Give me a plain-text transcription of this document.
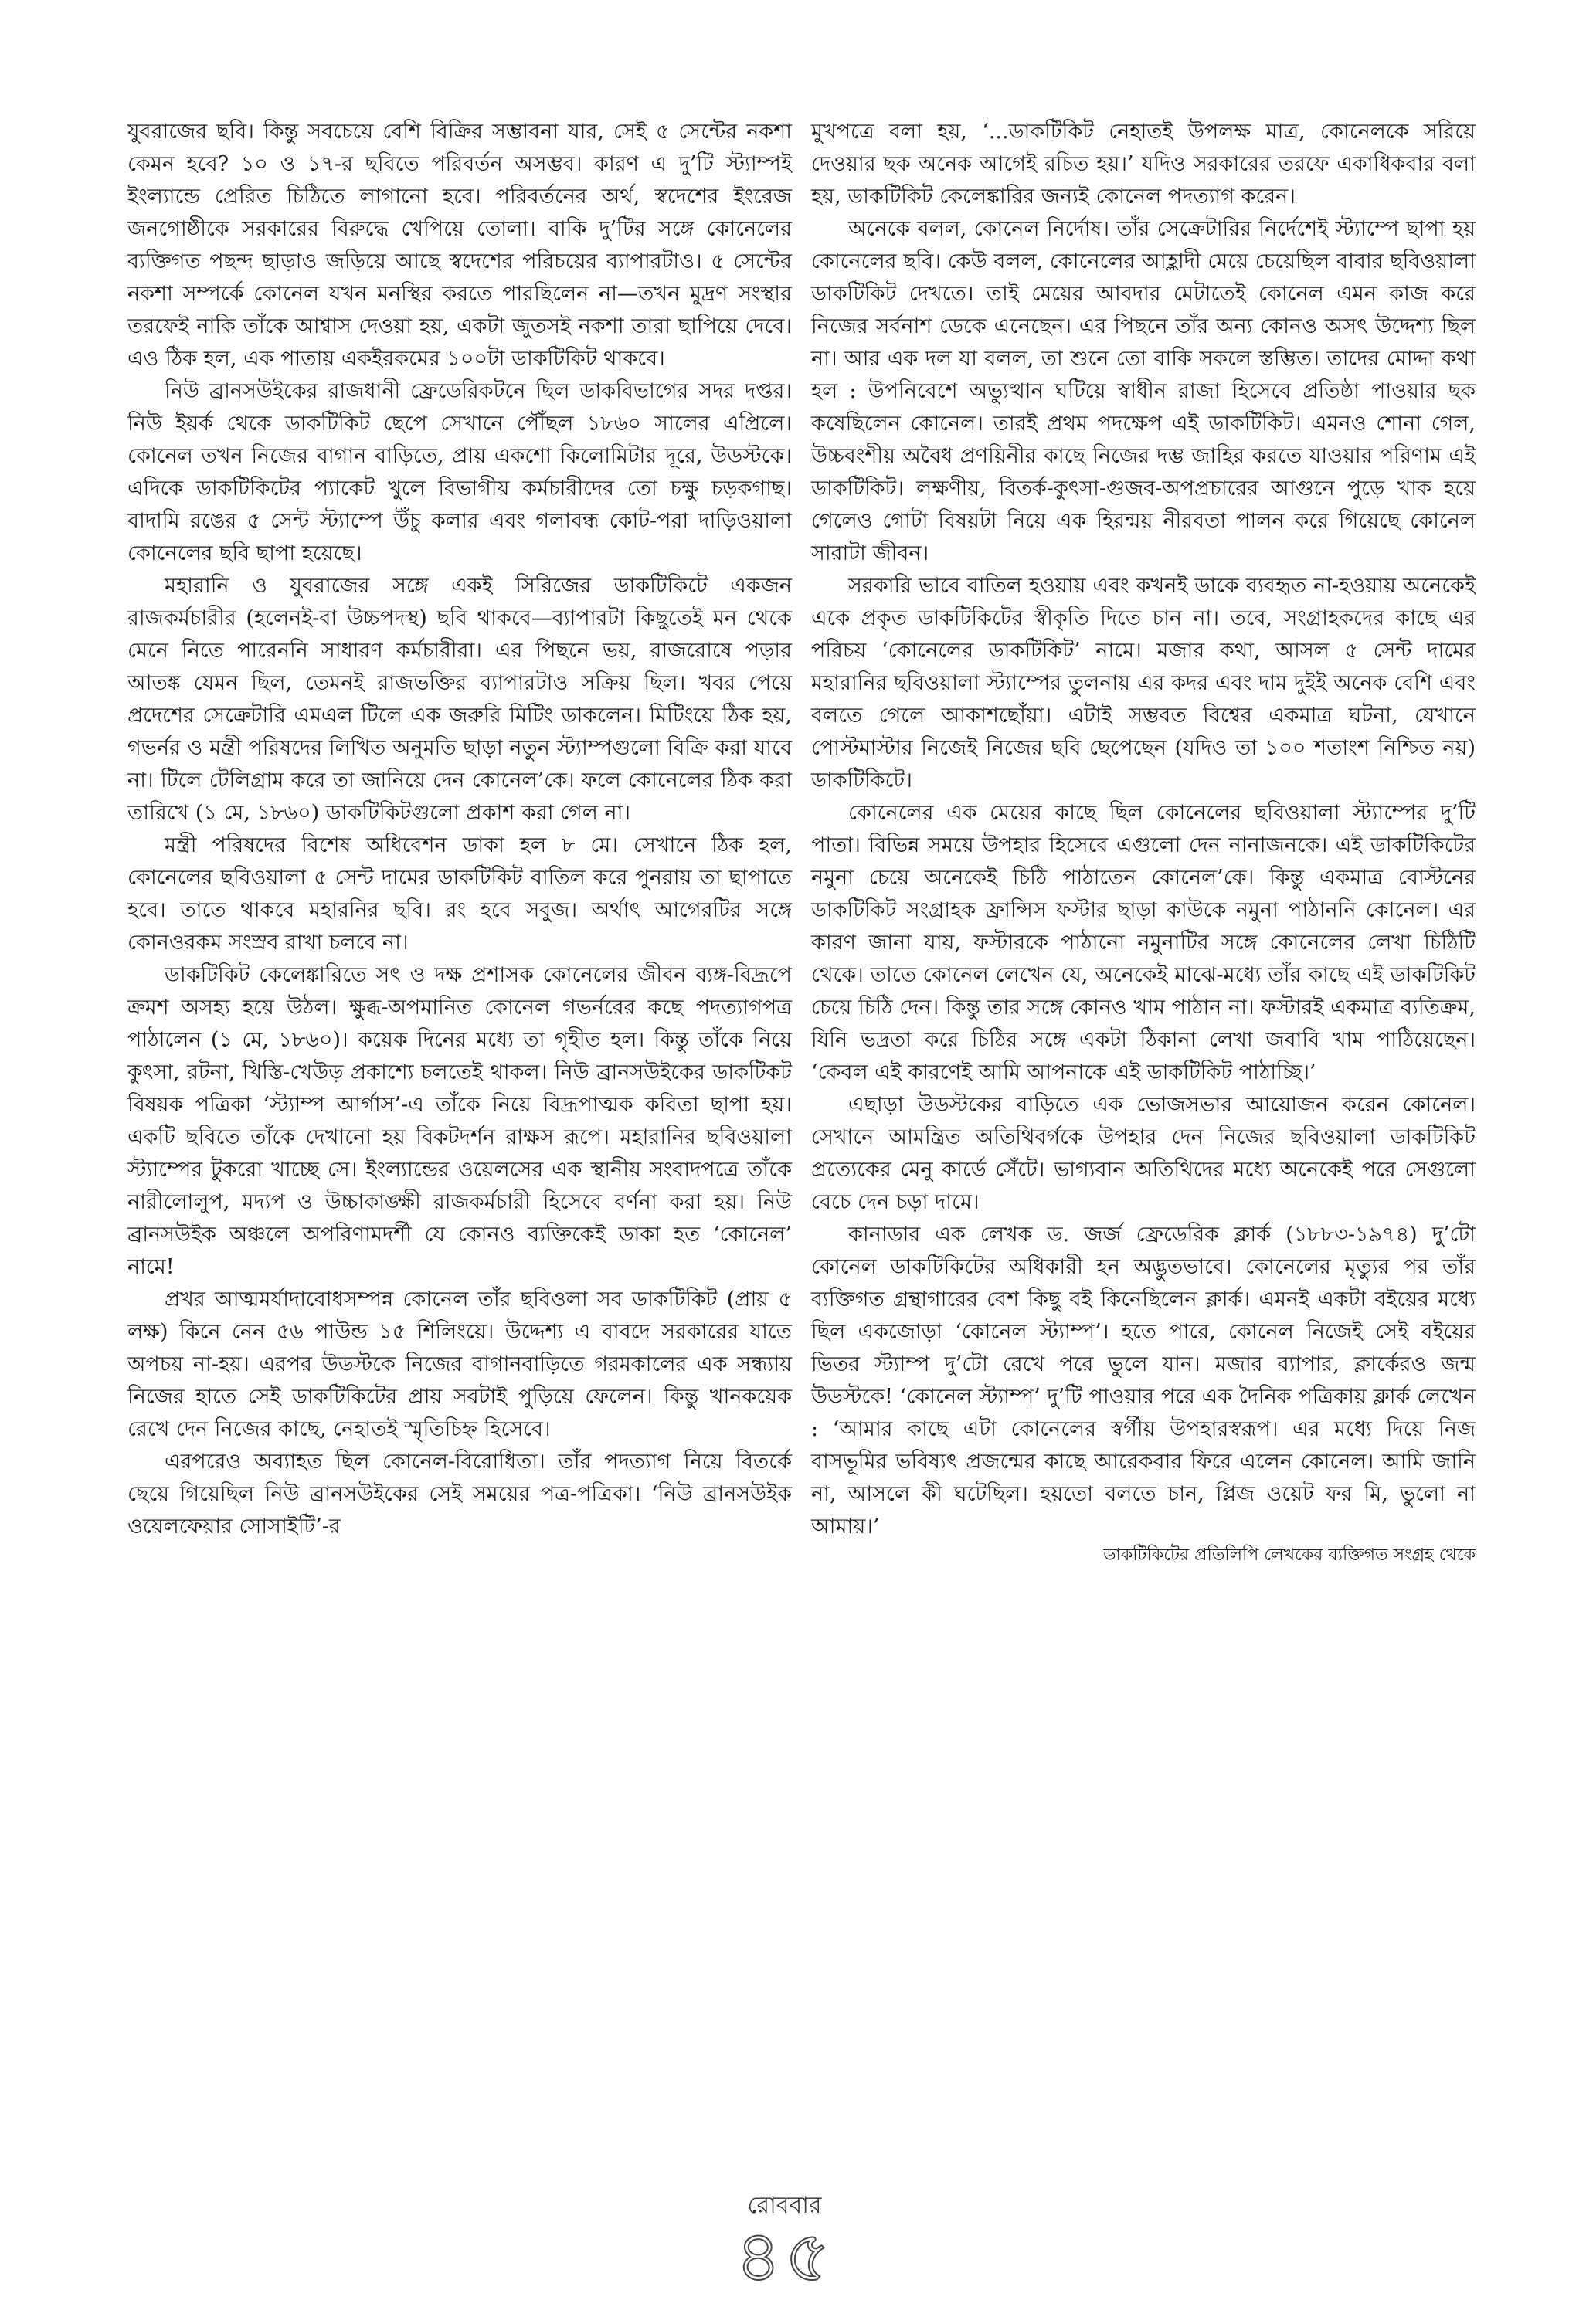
যুবরাজের ছবি। কিন্তু সবচেয়ে বেশি বিক্রির সম্ভাবনা যার, সেই ৫ সেন্টের নকশা কেমন হবে? ১০ ও ১৭-র ছবিতে পরিবর্তন অসম্ভব। কারণ এ দু’টি স্ট্যাম্পই ইংল্যান্ডে প্রেরিত চিঠিতে লাগানো হবে। পরিবর্তনের অর্থ, স্বদেশের ইংরেজ জনগোষ্ঠীকে সরকারের বিরুদ্ধে খেপিয়ে তোলা। বাকি দু’টির সঙ্গে কোনেলের ব্যক্তিগত পছন্দ ছাড়াও জড়িয়ে আছে স্বদেশের পরিচয়ের ব্যাপারটাও। ৫ সেন্টের নকশা সম্পর্কে কোনেল যখন মনস্থির করতে পারছিলেন না—তখন মুদ্রণ সংস্থার তরফেই নাকি তাঁকে আশ্বাস দেওয়া হয়, একটা জুতসই নকশা তারা ছাপিয়ে দেবে। এও ঠিক হল, এক পাতায় একইরকমের ১০০টা ডাকটিকিট থাকবে।

নিউ ব্রানসউইকের রাজধানী ফ্রেডেরিকটনে ছিল ডাকবিভাগের সদর দপ্তর। নিউ ইয়র্ক থেকে ডাকটিকিট ছেপে সেখানে পৌঁছল ১৮৬০ সালের এপ্রিলে। কোনেল তখন নিজের বাগান বাড়িতে, প্রায় একশো কিলোমিটার দূরে, উডস্টকে। এদিকে ডাকটিকিটের প্যাকেট খুলে বিভাগীয় কর্মচারীদের তো চক্ষু চড়কগাছ। বাদামি রঙের ৫ সেন্ট স্ট্যাম্পে উঁচু কলার এবং গলাবন্ধ কোট-পরা দাড়িওয়ালা কোনেলের ছবি ছাপা হয়েছে।

মহারানি ও যুবরাজের সঙ্গে একই সিরিজের ডাকটিকিটে একজন রাজকর্মচারীর (হলেনই-বা উচ্চপদস্থ) ছবি থাকবে—ব্যাপারটা কিছুতেই মন থেকে মেনে নিতে পারেননি সাধারণ কর্মচারীরা। এর পিছনে ভয়, রাজরোষে পড়ার আতঙ্ক যেমন ছিল, তেমনই রাজভক্তির ব্যাপারটাও সক্রিয় ছিল। খবর পেয়ে প্রদেশের সেক্রেটারি এমএল টিলে এক জরুরি মিটিং ডাকলেন। মিটিংয়ে ঠিক হয়, গভর্নর ও মন্ত্রী পরিষদের লিখিত অনুমতি ছাড়া নতুন স্ট্যাম্পগুলো বিক্রি করা যাবে না। টিলে টেলিগ্রাম করে তা জানিয়ে দেন কোনেল’কে। ফলে কোনেলের ঠিক করা তারিখে (১ মে, ১৮৬০) ডাকটিকিটগুলো প্রকাশ করা গেল না।

মন্ত্রী পরিষদের বিশেষ অধিবেশন ডাকা হল ৮ মে। সেখানে ঠিক হল, কোনেলের ছবিওয়ালা ৫ সেন্ট দামের ডাকটিকিট বাতিল করে পুনরায় তা ছাপাতে হবে। তাতে থাকবে মহারনির ছবি। রং হবে সবুজ। অর্থাৎ আগেরটির সঙ্গে কোনওরকম সংস্রব রাখা চলবে না।

ডাকটিকিট কেলেঙ্কারিতে সৎ ও দক্ষ প্রশাসক কোনেলের জীবন ব্যঙ্গ-বিদ্রূপে ক্রমশ অসহ্য হয়ে উঠল। ক্ষুব্ধ-অপমানিত কোনেল গভর্নরের কছে পদত্যাগপত্র পাঠালেন (১ মে, ১৮৬০)। কয়েক দিনের মধ্যে তা গৃহীত হল। কিন্তু তাঁকে নিয়ে কুৎসা, রটনা, খিস্তি-খেউড় প্রকাশ্যে চলতেই থাকল। নিউ ব্রানসউইকের ডাকটিকট বিষয়ক পত্রিকা ‘স্ট্যাম্প আর্গাস’-এ তাঁকে নিয়ে বিদ্রূপাত্মক কবিতা ছাপা হয়। একটি ছবিতে তাঁকে দেখানো হয় বিকটদর্শন রাক্ষস রূপে। মহারানির ছবিওয়ালা স্ট্যাম্পের টুকরো খাচ্ছে সে। ইংল্যান্ডের ওয়েলসের এক স্থানীয় সংবাদপত্রে তাঁকে নারীলোলুপ, মদ্যপ ও উচ্চাকাঙ্ক্ষী রাজকর্মচারী হিসেবে বর্ণনা করা হয়। নিউ ব্রানসউইক অঞ্চলে অপরিণামদর্শী যে কোনও ব্যক্তিকেই ডাকা হত ‘কোনেল’ নামে!

প্রখর আত্মমর্যাদাবোধসম্পন্ন কোনেল তাঁর ছবিওলা সব ডাকটিকিট (প্রায় ৫ লক্ষ) কিনে নেন ৫৬ পাউন্ড ১৫ শিলিংয়ে। উদ্দেশ্য এ বাবদে সরকারের যাতে অপচয় না-হয়। এরপর উডস্টকে নিজের বাগানবাড়িতে গরমকালের এক সন্ধ্যায় নিজের হাতে সেই ডাকটিকিটের প্রায় সবটাই পুড়িয়ে ফেলেন। কিন্তু খানকয়েক রেখে দেন নিজের কাছে, নেহাতই স্মৃতিচিহ্ন হিসেবে।

এরপরেও অব্যাহত ছিল কোনেল-বিরোধিতা। তাঁর পদত্যাগ নিয়ে বিতর্কে ছেয়ে গিয়েছিল নিউ ব্রানসউইকের সেই সময়ের পত্র-পত্রিকা। ‘নিউ ব্রানসউইক ওয়েলফেয়ার সোসাইটি’-র

মুখপত্রে বলা হয়, ‘...ডাকটিকিট নেহাতই উপলক্ষ মাত্র, কোনেলকে সরিয়ে দেওয়ার ছক অনেক আগেই রচিত হয়।’ যদিও সরকারের তরফে একাধিকবার বলা হয়, ডাকটিকিট কেলেঙ্কারির জন্যই কোনেল পদত্যাগ করেন।

অনেকে বলল, কোনেল নির্দোষ। তাঁর সেক্রেটারির নির্দেশেই স্ট্যাম্পে ছাপা হয় কোনেলের ছবি। কেউ বলল, কোনেলের আহ্লাদী মেয়ে চেয়েছিল বাবার ছবিওয়ালা ডাকটিকিট দেখতে। তাই মেয়ের আবদার মেটাতেই কোনেল এমন কাজ করে নিজের সর্বনাশ ডেকে এনেছেন। এর পিছনে তাঁর অন্য কোনও অসৎ উদ্দেশ্য ছিল না। আর এক দল যা বলল, তা শুনে তো বাকি সকলে স্তম্ভিত। তাদের মোদ্দা কথা হল : উপনিবেশে অভ্যুত্থান ঘটিয়ে স্বাধীন রাজা হিসেবে প্রতিষ্ঠা পাওয়ার ছক কষেছিলেন কোনেল। তারই প্রথম পদক্ষেপ এই ডাকটিকিট। এমনও শোনা গেল, উচ্চবংশীয় অবৈধ প্রণয়িনীর কাছে নিজের দম্ভ জাহির করতে যাওয়ার পরিণাম এই ডাকটিকিট। লক্ষণীয়, বিতর্ক-কুৎসা-গুজব-অপপ্রচারের আগুনে পুড়ে খাক হয়ে গেলেও গোটা বিষয়টা নিয়ে এক হিরন্ময় নীরবতা পালন করে গিয়েছে কোনেল সারাটা জীবন।

সরকারি ভাবে বাতিল হওয়ায় এবং কখনই ডাকে ব্যবহৃত না-হওয়ায় অনেকেই একে প্রকৃত ডাকটিকিটের স্বীকৃতি দিতে চান না। তবে, সংগ্রাহকদের কাছে এর পরিচয় ‘কোনেলের ডাকটিকিট’ নামে। মজার কথা, আসল ৫ সেন্ট দামের মহারানির ছবিওয়ালা স্ট্যাম্পের তুলনায় এর কদর এবং দাম দুইই অনেক বেশি এবং বলতে গেলে আকাশছোঁয়া। এটাই সম্ভবত বিশ্বের একমাত্র ঘটনা, যেখানে পোস্টমাস্টার নিজেই নিজের ছবি ছেপেছেন (যদিও তা ১০০ শতাংশ নিশ্চিত নয়) ডাকটিকিটে।

কোনেলের এক মেয়ের কাছে ছিল কোনেলের ছবিওয়ালা স্ট্যাম্পের দু’টি পাতা। বিভিন্ন সময়ে উপহার হিসেবে এগুলো দেন নানাজনকে। এই ডাকটিকিটের নমুনা চেয়ে অনেকেই চিঠি পাঠাতেন কোনেল’কে। কিন্তু একমাত্র বোস্টনের ডাকটিকিট সংগ্রাহক ফ্রান্সিস ফস্টার ছাড়া কাউকে নমুনা পাঠাননি কোনেল। এর কারণ জানা যায়, ফস্টারকে পাঠানো নমুনাটির সঙ্গে কোনেলের লেখা চিঠিটি থেকে। তাতে কোনেল লেখেন যে, অনেকেই মাঝে-মধ্যে তাঁর কাছে এই ডাকটিকিট চেয়ে চিঠি দেন। কিন্তু তার সঙ্গে কোনও খাম পাঠান না। ফস্টারই একমাত্র ব্যতিক্রম, যিনি ভদ্রতা করে চিঠির সঙ্গে একটা ঠিকানা লেখা জবাবি খাম পাঠিয়েছেন। ‘কেবল এই কারণেই আমি আপনাকে এই ডাকটিকিট পাঠাচ্ছি।’

এছাড়া উডস্টকের বাড়িতে এক ভোজসভার আয়োজন করেন কোনেল। সেখানে আমন্ত্রিত অতিথিবর্গকে উপহার দেন নিজের ছবিওয়ালা ডাকটিকিট প্রত্যেকের মেনু কার্ডে সেঁটে। ভাগ্যবান অতিথিদের মধ্যে অনেকেই পরে সেগুলো বেচে দেন চড়া দামে।

কানাডার এক লেখক ড. জর্জ ফ্রেডেরিক ক্লার্ক (১৮৮৩-১৯৭৪) দু’টো কোনেল ডাকটিকিটের অধিকারী হন অদ্ভুতভাবে। কোনেলের মৃত্যুর পর তাঁর ব্যক্তিগত গ্রন্থাগারের বেশ কিছু বই কিনেছিলেন ক্লার্ক। এমনই একটা বইয়ের মধ্যে ছিল একজোড়া ‘কোনেল স্ট্যাম্প’। হতে পারে, কোনেল নিজেই সেই বইয়ের ভিতর স্ট্যাম্প দু’টো রেখে পরে ভুলে যান। মজার ব্যাপার, ক্লার্কেরও জন্ম উডস্টকে! ‘কোনেল স্ট্যাম্প’ দু’টি পাওয়ার পরে এক দৈনিক পত্রিকায় ক্লার্ক লেখেন : ‘আমার কাছে এটা কোনেলের স্বর্গীয় উপহারস্বরূপ। এর মধ্যে দিয়ে নিজ বাসভূমির ভবিষ্যৎ প্রজন্মের কাছে আরেকবার ফিরে এলেন কোনেল। আমি জানি না, আসলে কী ঘটেছিল। হয়তো বলতে চান, প্লিজ ওয়েট ফর মি, ভুলো না আমায়।’

ডাকটিকিটের প্রতিলিপি লেখকের ব্যক্তিগত সংগ্রহ থেকে

রোববার
৪৫
